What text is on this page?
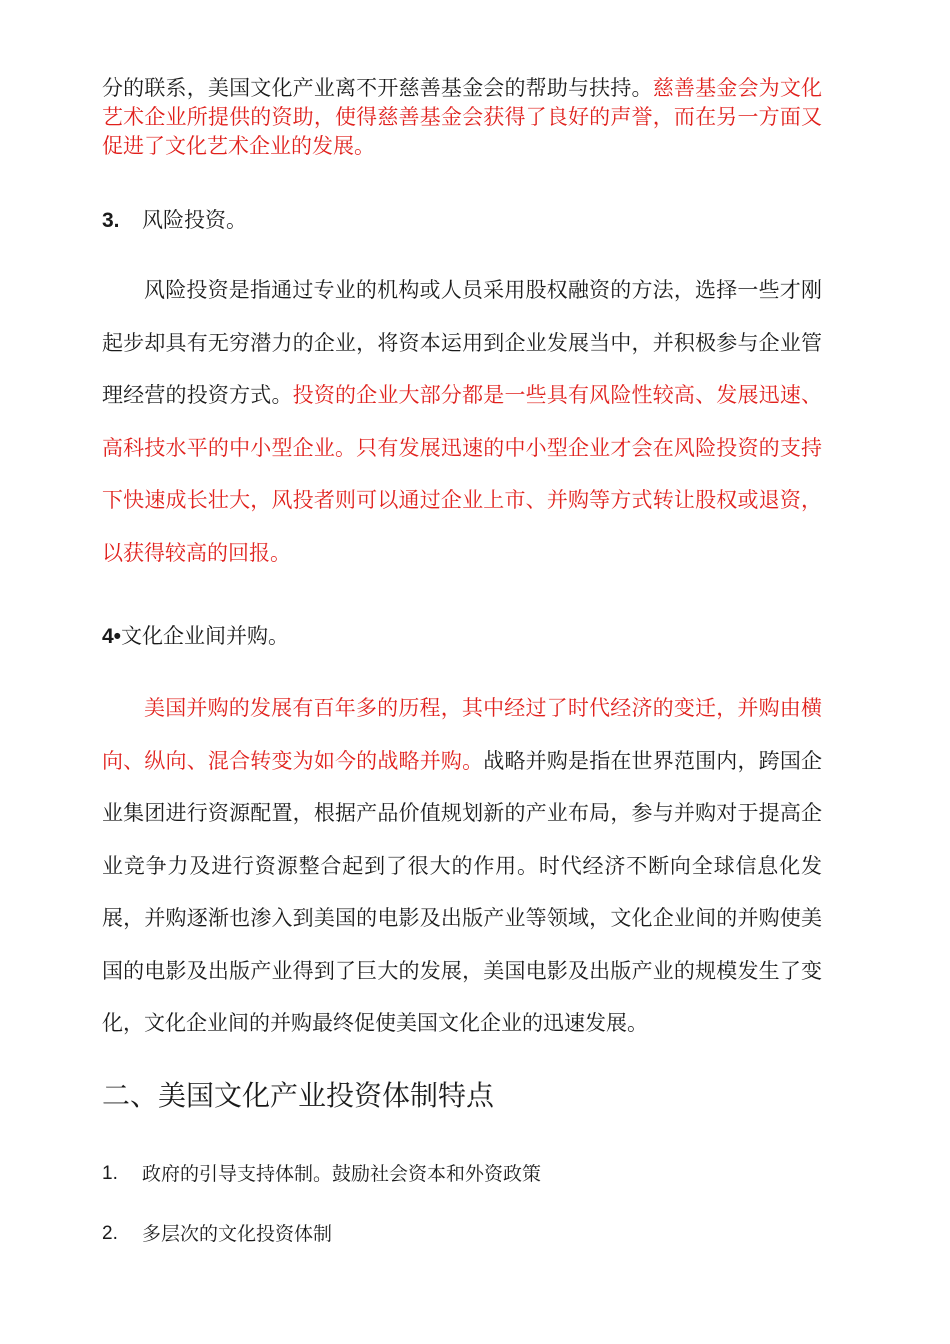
分的联系，美国文化产业离不开慈善基金会的帮助与扶持。慈善基金会为文化艺术企业所提供的资助，使得慈善基金会获得了良好的声誉，而在另一方面又促进了文化艺术企业的发展。

3. 风险投资。

风险投资是指通过专业的机构或人员采用股权融资的方法，选择一些才刚起步却具有无穷潜力的企业，将资本运用到企业发展当中，并积极参与企业管理经营的投资方式。投资的企业大部分都是一些具有风险性较高、发展迅速、高科技水平的中小型企业。只有发展迅速的中小型企业才会在风险投资的支持下快速成长壮大，风投者则可以通过企业上市、并购等方式转让股权或退资，以获得较高的回报。

4•文化企业间并购。

美国并购的发展有百年多的历程，其中经过了时代经济的变迁，并购由横向、纵向、混合转变为如今的战略并购。战略并购是指在世界范围内，跨国企业集团进行资源配置，根据产品价值规划新的产业布局，参与并购对于提高企业竞争力及进行资源整合起到了很大的作用。时代经济不断向全球信息化发展，并购逐渐也渗入到美国的电影及出版产业等领域，文化企业间的并购使美国的电影及出版产业得到了巨大的发展，美国电影及出版产业的规模发生了变化，文化企业间的并购最终促使美国文化企业的迅速发展。

二、美国文化产业投资体制特点

1.	政府的引导支持体制。鼓励社会资本和外资政策

2.	多层次的文化投资体制
